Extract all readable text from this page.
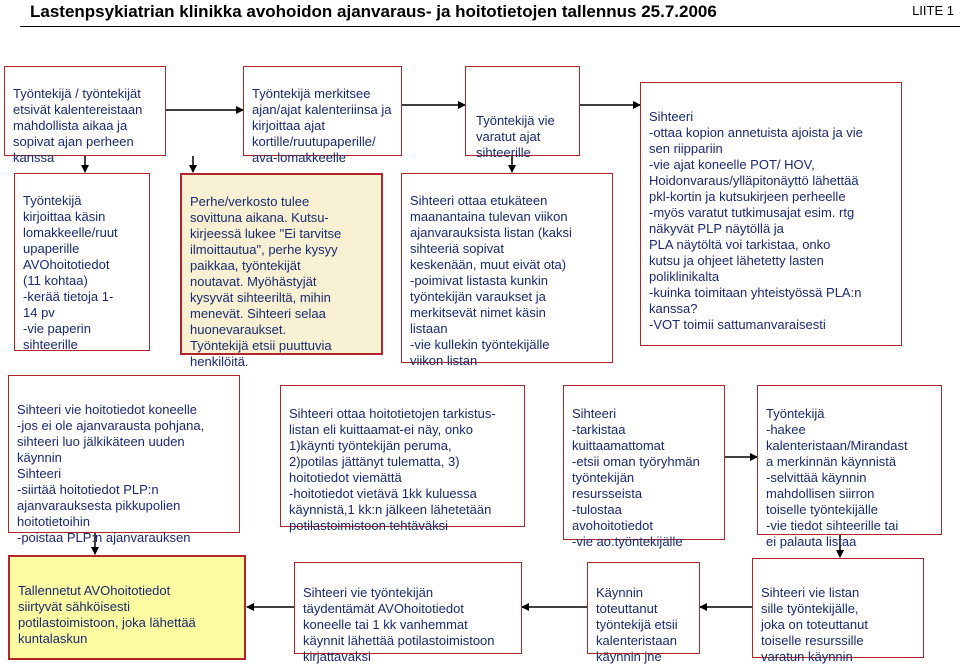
Lastenpsykiatrian klinikka avohoidon ajanvaraus- ja hoitotietojen tallennus 25.7.2006	LIITE 1

Työntekijä / työntekijät
etsivät kalentereistaan
mahdollista aikaa ja
sopivat ajan perheen
kanssa

Työntekijä
kirjoittaa käsin
lomakkeelle/ruut
upaperille
AVOhoitotiedot
(11 kohtaa)
-kerää tietoja 1-
14 pv
-vie paperin
sihteerille

Työntekijä merkitsee
ajan/ajat kalenteriinsa ja
kirjoittaa ajat
kortille/ruutupaperille/
ava-lomakkeelle

Perhe/verkosto tulee
sovittuna aikana. Kutsu-
kirjeessä lukee "Ei tarvitse
ilmoittautua", perhe kysyy
paikkaa, työntekijät
noutavat. Myöhästyjät
kysyvät sihteeriltä, mihin
menevät. Sihteeri selaa
huonevaraukset.
Työntekijä etsii puuttuvia
henkilöitä.

Työntekijä vie
varatut ajat
sihteerille

Sihteeri ottaa etukäteen
maanantaina tulevan viikon
ajanvarauksista listan (kaksi
sihteeriä sopivat
keskenään, muut eivät ota)
-poimivat listasta kunkin
työntekijän varaukset ja
merkitsevät nimet käsin
listaan
-vie kullekin työntekijälle
viikon listan

Sihteeri
-ottaa kopion annetuista ajoista ja vie
sen riippariin
-vie ajat koneelle POT/ HOV,
Hoidonvaraus/ylläpitonäyttö lähettää
pkl-kortin ja kutsukirjeen perheelle
-myös varatut tutkimusajat esim. rtg
näkyvät PLP näytöllä ja
PLA näytöltä voi tarkistaa, onko
kutsu ja ohjeet lähetetty lasten
poliklinikalta
-kuinka toimitaan yhteistyössä PLA:n
kanssa?
-VOT toimii sattumanvaraisesti

Sihteeri vie hoitotiedot koneelle
-jos ei ole ajanvarausta pohjana,
sihteeri luo jälkikäteen uuden
käynnin
Sihteeri
-siirtää hoitotiedot PLP:n
ajanvarauksesta pikkupolien
hoitotietoihin
-poistaa PLP:n ajanvarauksen

Sihteeri ottaa hoitotietojen tarkistus-
listan eli kuittaamat-ei näy, onko
1)käynti työntekijän peruma,
2)potilas jättänyt tulematta, 3)
hoitotiedot viemättä
-hoitotiedot vietävä 1kk kuluessa
käynnistä,1 kk:n jälkeen lähetetään
potilastoimistoon tehtäväksi

Sihteeri
-tarkistaa
kuittaamattomat
-etsii oman työryhmän
työntekijän
resursseista
-tulostaa
avohoitotiedot
-vie ao.työntekijälle

Työntekijä
-hakee
kalenteristaan/Mirandast
a merkinnän käynnistä
-selvittää käynnin
mahdollisen siirron
toiselle työntekijälle
-vie tiedot sihteerille tai
ei palauta listaa

Tallennetut AVOhoitotiedot
siirtyvät sähköisesti
potilastoimistoon, joka lähettää
kuntalaskun

Sihteeri vie työntekijän
täydentämät AVOhoitotiedot
koneelle tai 1 kk vanhemmat
käynnit lähettää potilastoimistoon
kirjattavaksi

Käynnin
toteuttanut
työntekijä etsii
kalenteristaan
käynnin jne

Sihteeri vie listan
sille työntekijälle,
joka on toteuttanut
toiselle resurssille
varatun käynnin
